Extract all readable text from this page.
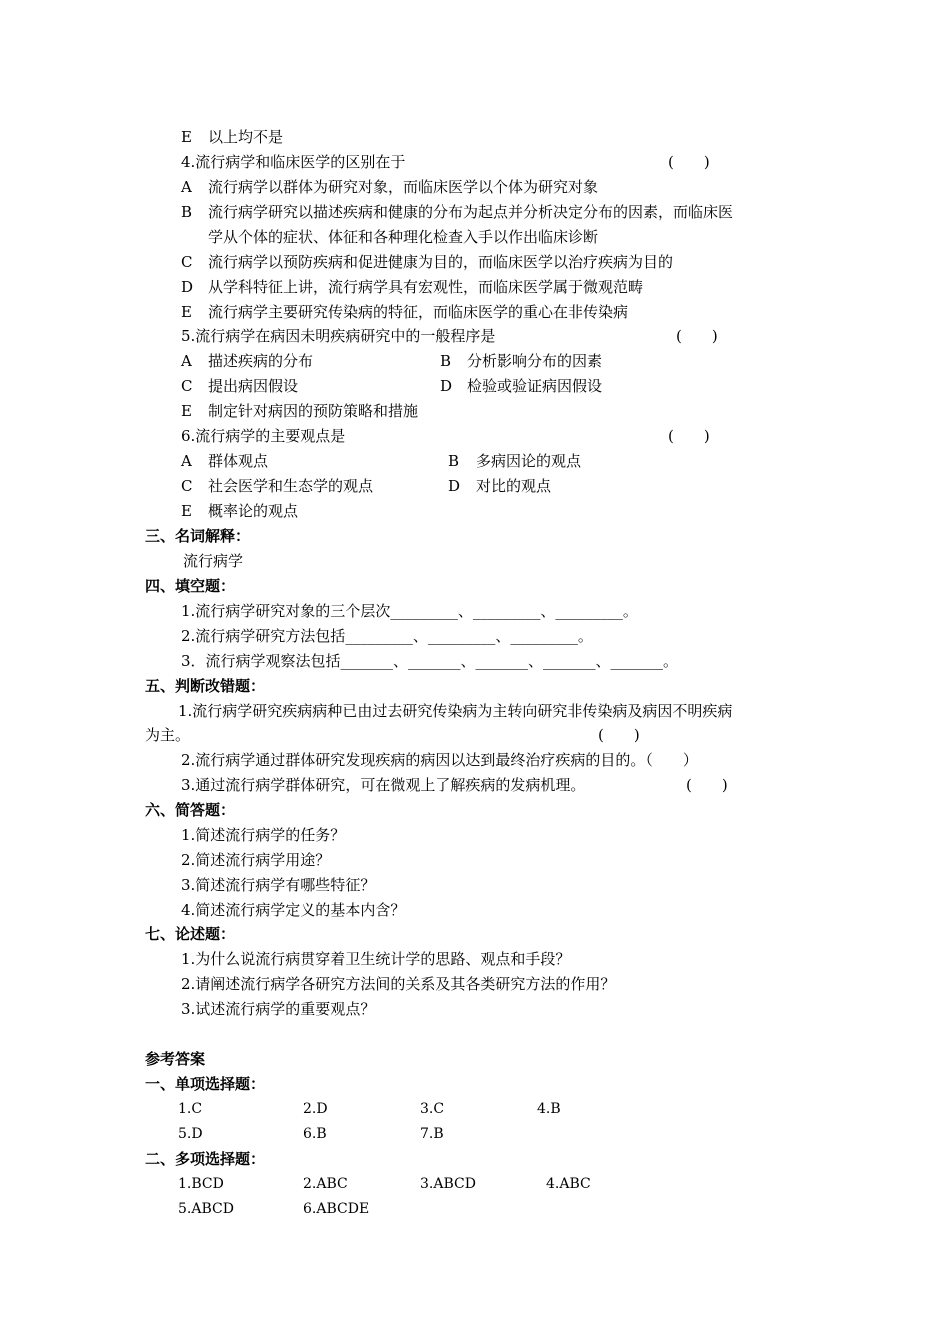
E 以上均不是
4.流行病学和临床医学的区别在于	(　　)
A 流行病学以群体为研究对象，而临床医学以个体为研究对象
B 流行病学研究以描述疾病和健康的分布为起点并分析决定分布的因素，而临床医
学从个体的症状、体征和各种理化检查入手以作出临床诊断
C 流行病学以预防疾病和促进健康为目的，而临床医学以治疗疾病为目的
D 从学科特征上讲，流行病学具有宏观性，而临床医学属于微观范畴
E 流行病学主要研究传染病的特征，而临床医学的重心在非传染病
5.流行病学在病因未明疾病研究中的一般程序是	(　　)
A 描述疾病的分布	B 分析影响分布的因素
C 提出病因假设	D 检验或验证病因假设
E 制定针对病因的预防策略和措施
6.流行病学的主要观点是	(　　)
A 群体观点	B 多病因论的观点
C 社会医学和生态学的观点	D 对比的观点
E 概率论的观点
三、名词解释：
流行病学
四、填空题：
1.流行病学研究对象的三个层次_________、_________、_________。
2.流行病学研究方法包括_________、_________、_________。
3．流行病学观察法包括_______、_______、_______、_______、_______。
五、判断改错题：
1.流行病学研究疾病病种已由过去研究传染病为主转向研究非传染病及病因不明疾病
为主。	(　　)
2.流行病学通过群体研究发现疾病的病因以达到最终治疗疾病的目的。（　　）
3.通过流行病学群体研究，可在微观上了解疾病的发病机理。	(　　)
六、简答题：
1.简述流行病学的任务？
2.简述流行病学用途？
3.简述流行病学有哪些特征？
4.简述流行病学定义的基本内含？
七、论述题：
1.为什么说流行病贯穿着卫生统计学的思路、观点和手段？
2.请阐述流行病学各研究方法间的关系及其各类研究方法的作用？
3.试述流行病学的重要观点？
参考答案
一、单项选择题：
1.C	2.D	3.C	4.B
5.D	6.B	7.B
二、多项选择题：
1.BCD	2.ABC	3.ABCD	4.ABC
5.ABCD	6.ABCDE
